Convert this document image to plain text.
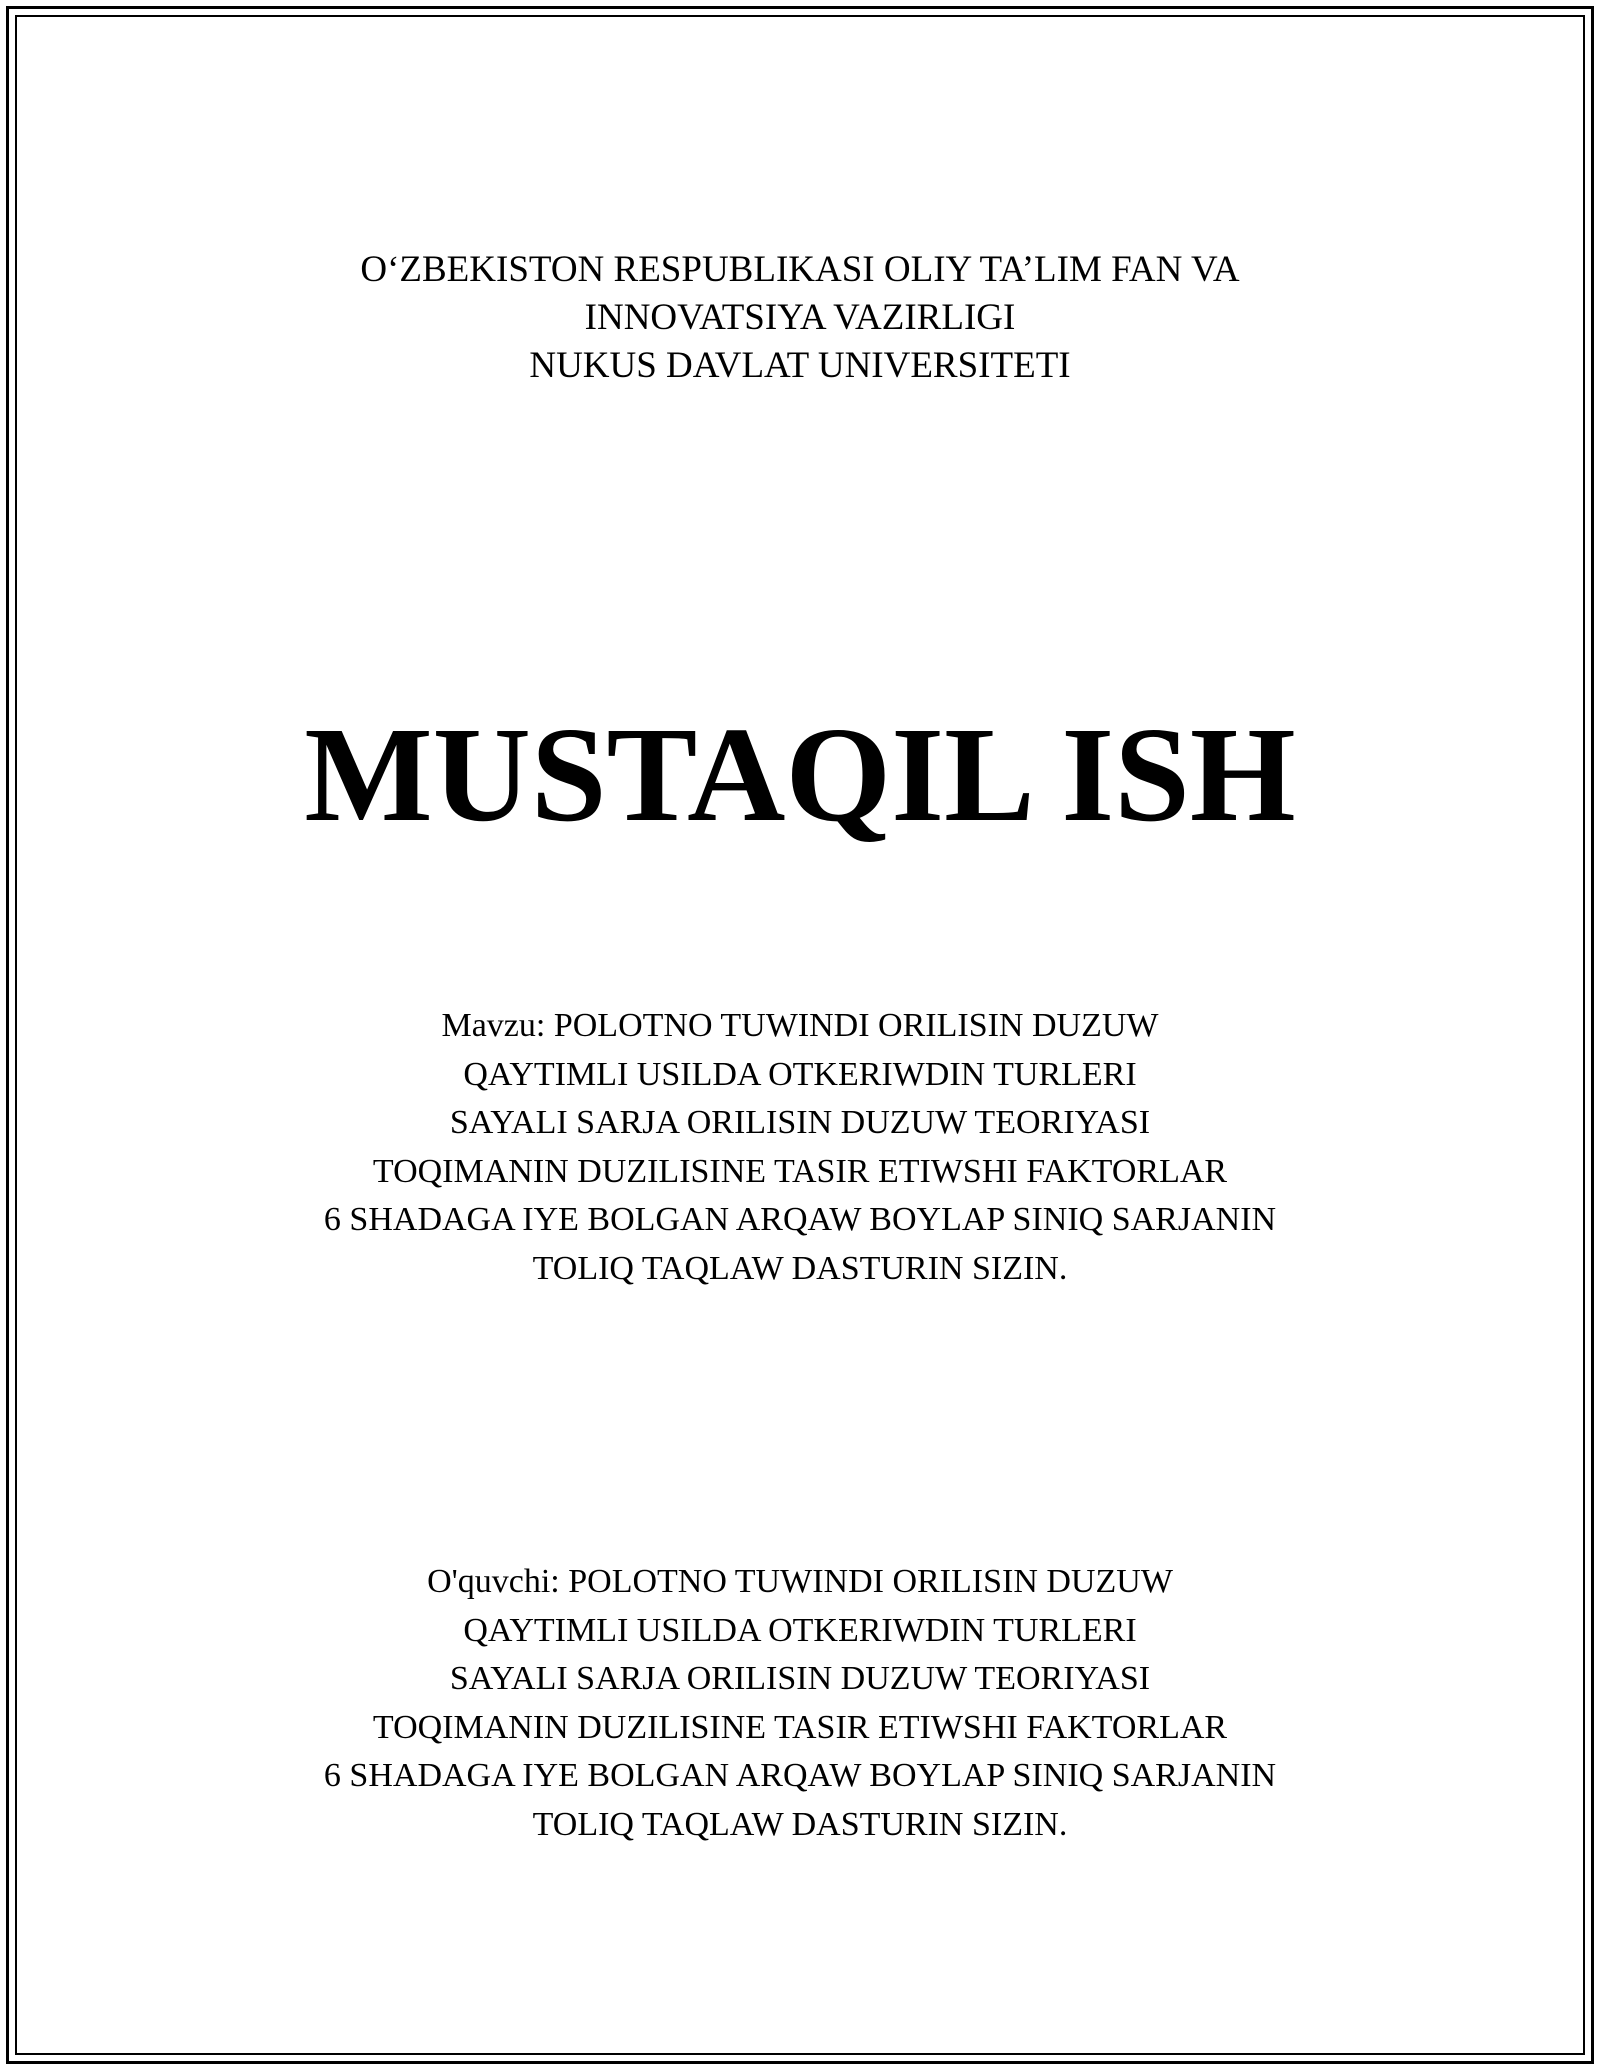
O‘ZBEKISTON RESPUBLIKASI OLIY TA’LIM FAN VA
INNOVATSIYA VAZIRLIGI
NUKUS DAVLAT UNIVERSITETI
MUSTAQIL ISH
Mavzu: POLOTNO TUWINDI ORILISIN DUZUW
QAYTIMLI USILDA OTKERIWDIN TURLERI
SAYALI SARJA ORILISIN DUZUW TEORIYASI
TOQIMANIN DUZILISINE TASIR ETIWSHI FAKTORLAR
6 SHADAGA IYE BOLGAN ARQAW BOYLAP SINIQ SARJANIN
TOLIQ TAQLAW DASTURIN SIZIN.
O'quvchi: POLOTNO TUWINDI ORILISIN DUZUW
QAYTIMLI USILDA OTKERIWDIN TURLERI
SAYALI SARJA ORILISIN DUZUW TEORIYASI
TOQIMANIN DUZILISINE TASIR ETIWSHI FAKTORLAR
6 SHADAGA IYE BOLGAN ARQAW BOYLAP SINIQ SARJANIN
TOLIQ TAQLAW DASTURIN SIZIN.
